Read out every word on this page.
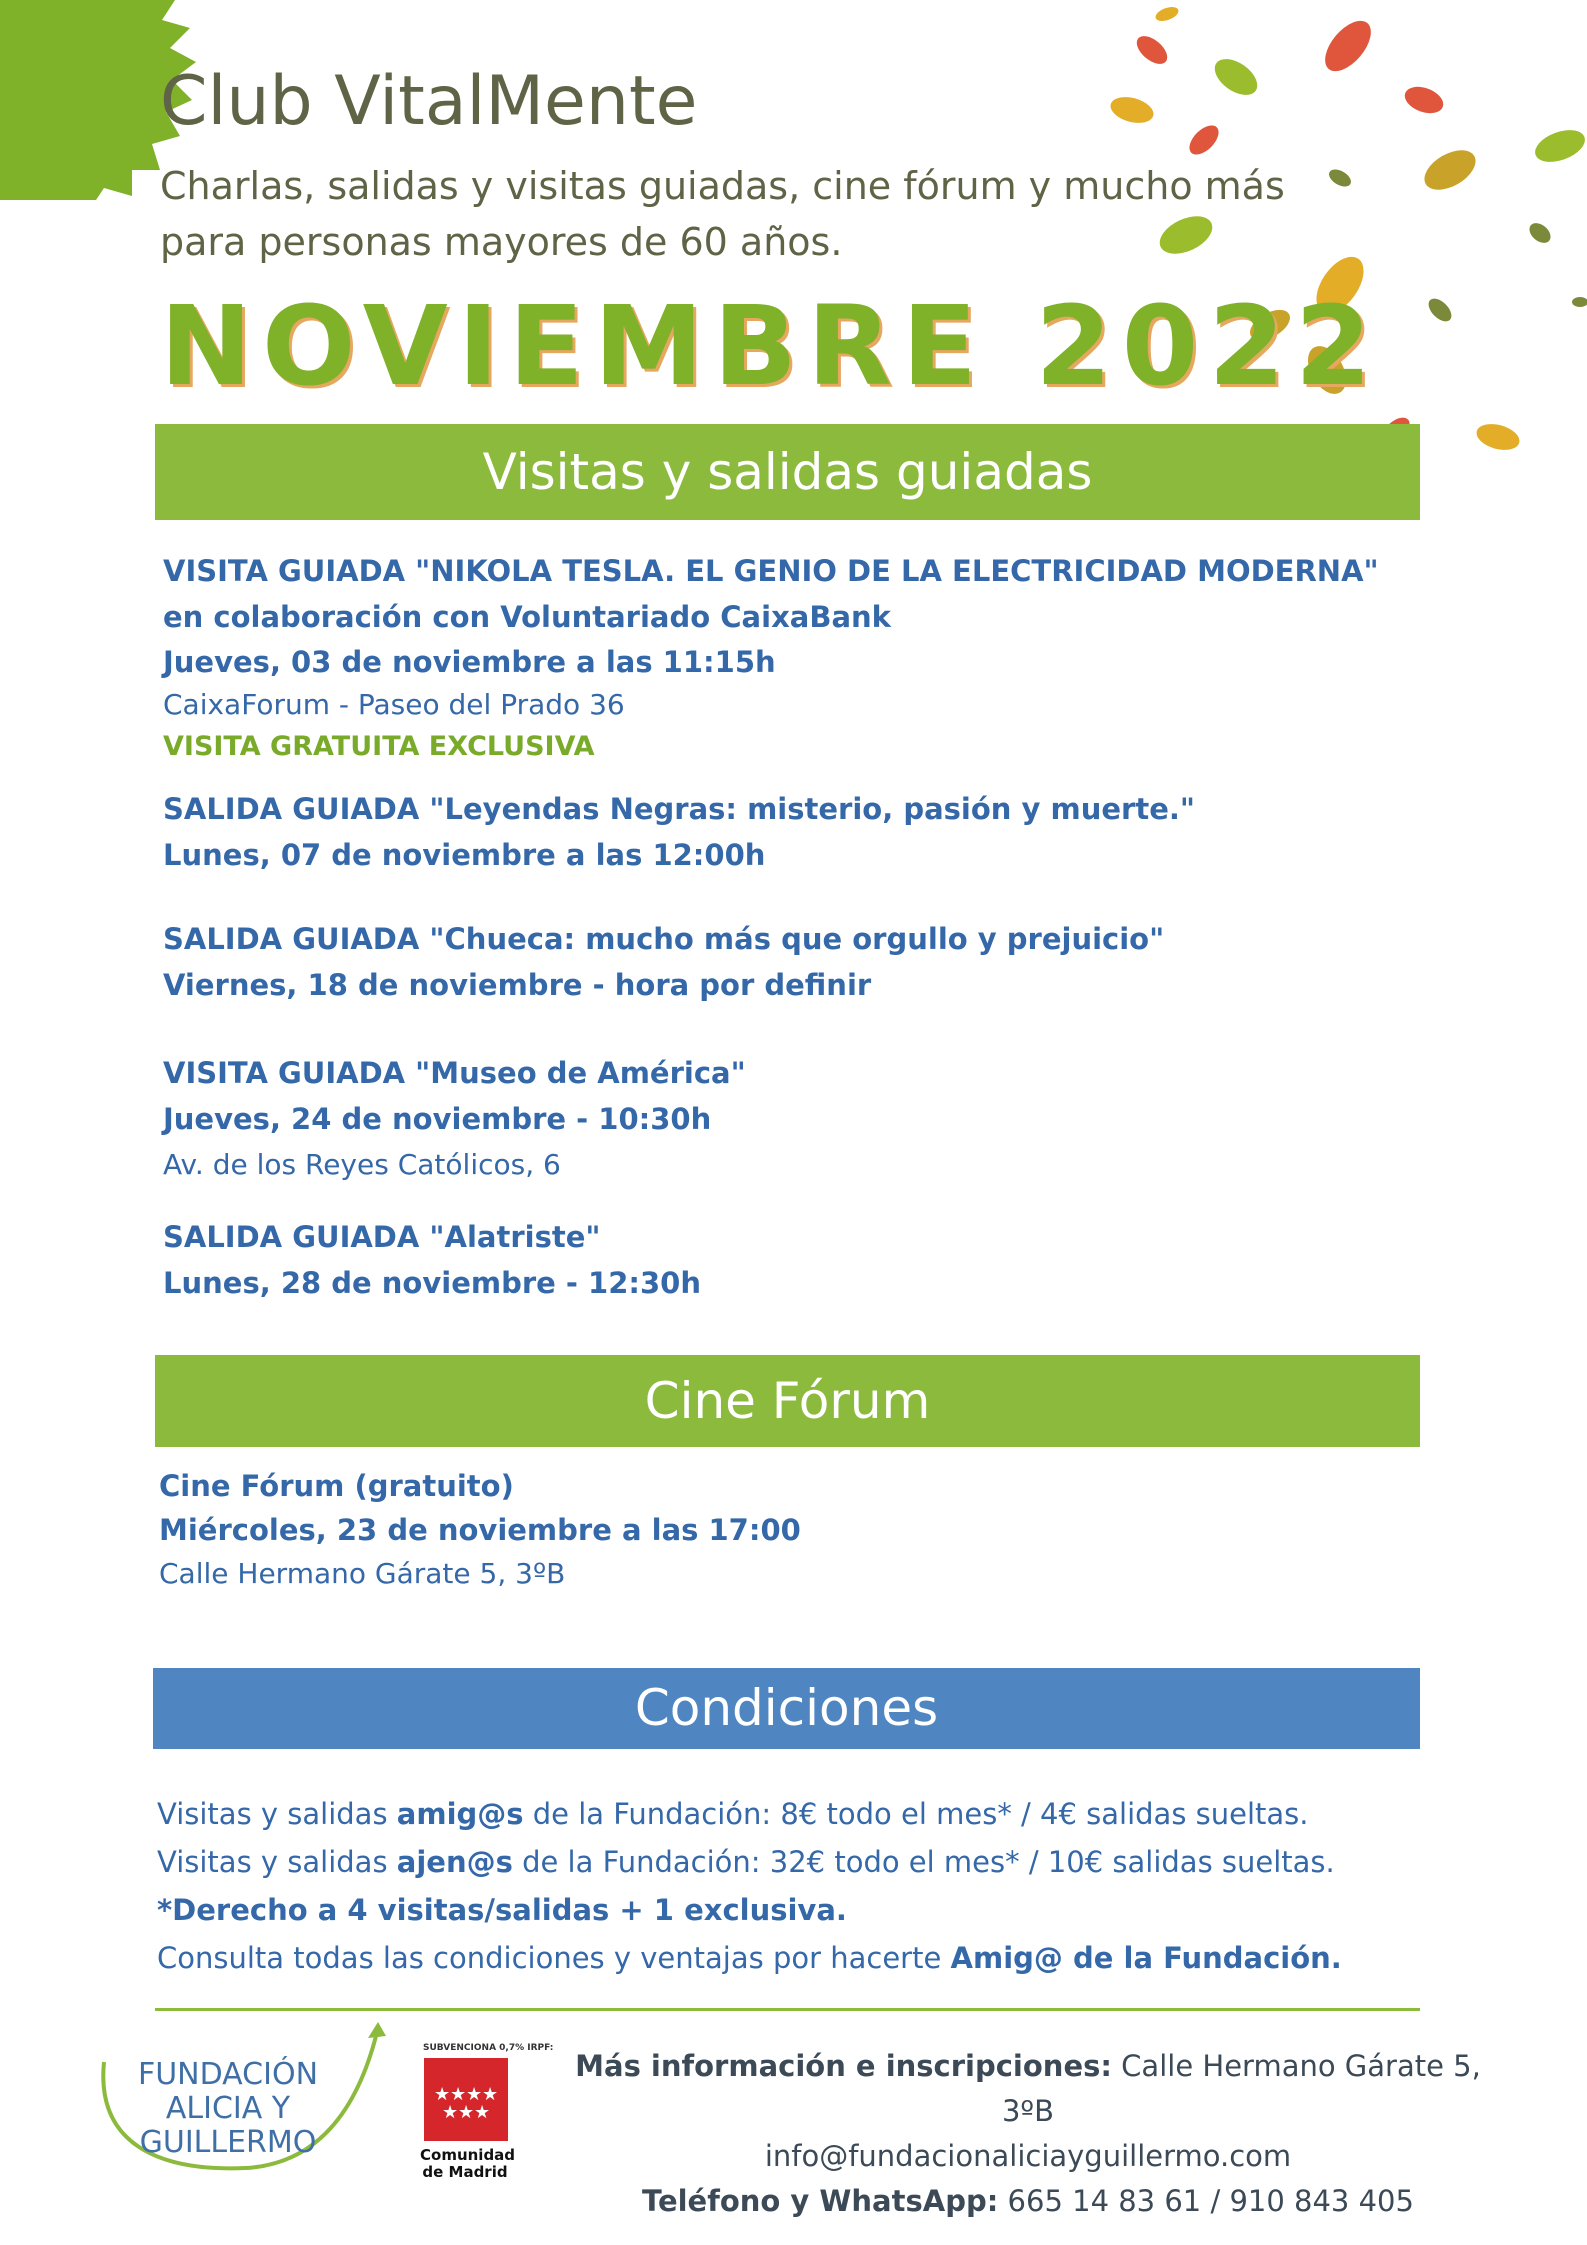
Club VitalMente
Charlas, salidas y visitas guiadas, cine fórum y mucho más
para personas mayores de 60 años.
NOVIEMBRE 2022
Visitas y salidas guiadas
VISITA GUIADA "NIKOLA TESLA. EL GENIO DE LA ELECTRICIDAD MODERNA"
en colaboración con Voluntariado CaixaBank
Jueves, 03 de noviembre a las 11:15h
CaixaForum - Paseo del Prado 36
VISITA GRATUITA EXCLUSIVA
SALIDA GUIADA "Leyendas Negras: misterio, pasión y muerte."
Lunes, 07 de noviembre a las 12:00h
SALIDA GUIADA "Chueca: mucho más que orgullo y prejuicio"
Viernes, 18 de noviembre - hora por definir
VISITA GUIADA "Museo de América"
Jueves, 24 de noviembre - 10:30h
Av. de los Reyes Católicos, 6
SALIDA GUIADA "Alatriste"
Lunes, 28 de noviembre - 12:30h
Cine Fórum
Cine Fórum (gratuito)
Miércoles, 23 de noviembre a las 17:00
Calle Hermano Gárate 5, 3ºB
Condiciones
Visitas y salidas amig@s de la Fundación: 8€ todo el mes* / 4€ salidas sueltas.
Visitas y salidas ajen@s de la Fundación: 32€ todo el mes* / 10€ salidas sueltas.
*Derecho a 4 visitas/salidas + 1 exclusiva.
Consulta todas las condiciones y ventajas por hacerte Amig@ de la Fundación.
FUNDACIÓN
ALICIA Y
GUILLERMO
SUBVENCIONA 0,7% IRPF:
★ ★ ★ ★
★ ★ ★
Comunidad
de Madrid
Más información e inscripciones: Calle Hermano Gárate 5, 3ºB
info@fundacionaliciayguillermo.com
Teléfono y WhatsApp: 665 14 83 61 / 910 843 405
